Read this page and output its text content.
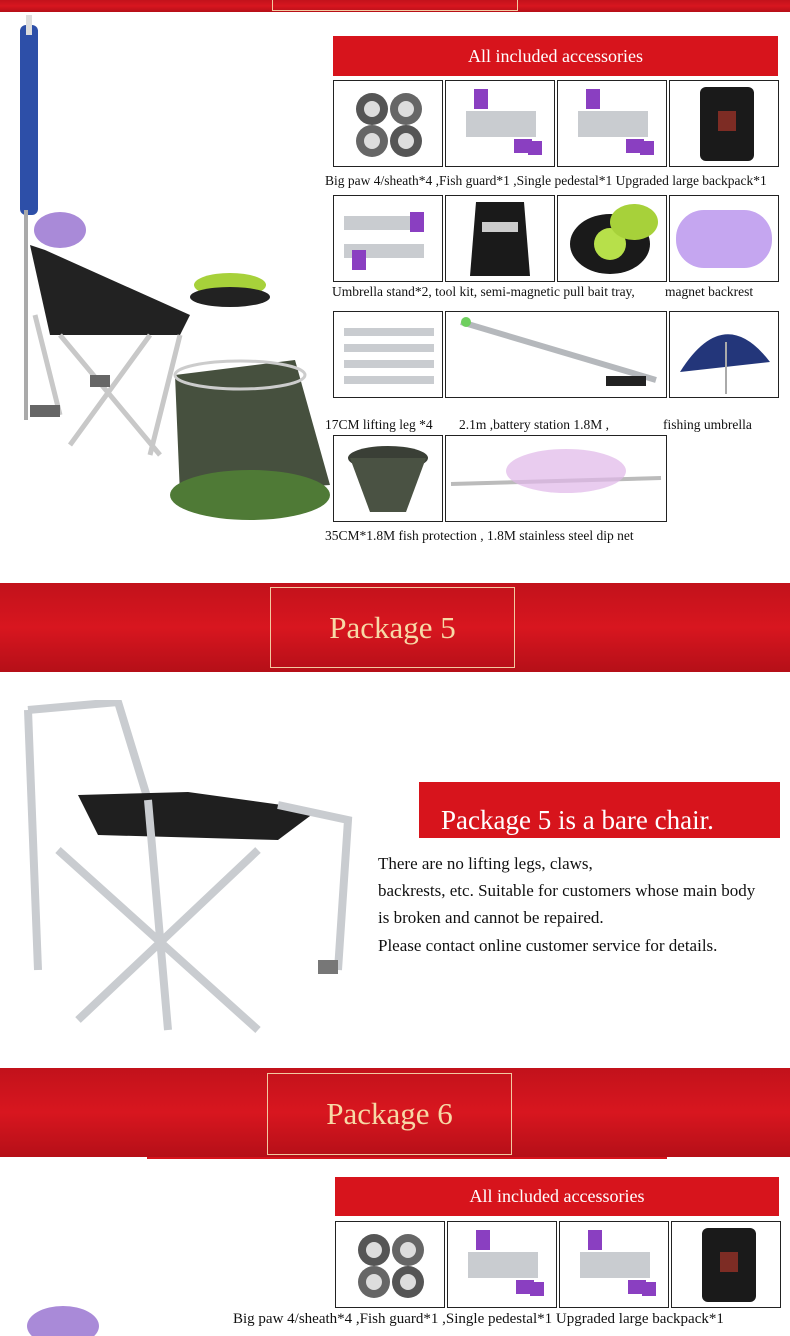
All included accessories
Big paw 4/sheath*4 ,Fish guard*1 ,Single pedestal*1 Upgraded large backpack*1
Umbrella stand*2, tool kit, semi-magnetic pull bait tray, magnet backrest
17CM lifting leg *4 2.1m ,battery station 1.8M ,	fishing umbrella
35CM*1.8M fish protection , 1.8M stainless steel dip net
Package 5
Package 5 is a bare chair.
There are no lifting legs, claws,
backrests, etc. Suitable for customers whose main body
is broken and cannot be repaired.
Please contact online customer service for details.
Package 6
All included accessories
Big paw 4/sheath*4 ,Fish guard*1 ,Single pedestal*1 Upgraded large backpack*1
